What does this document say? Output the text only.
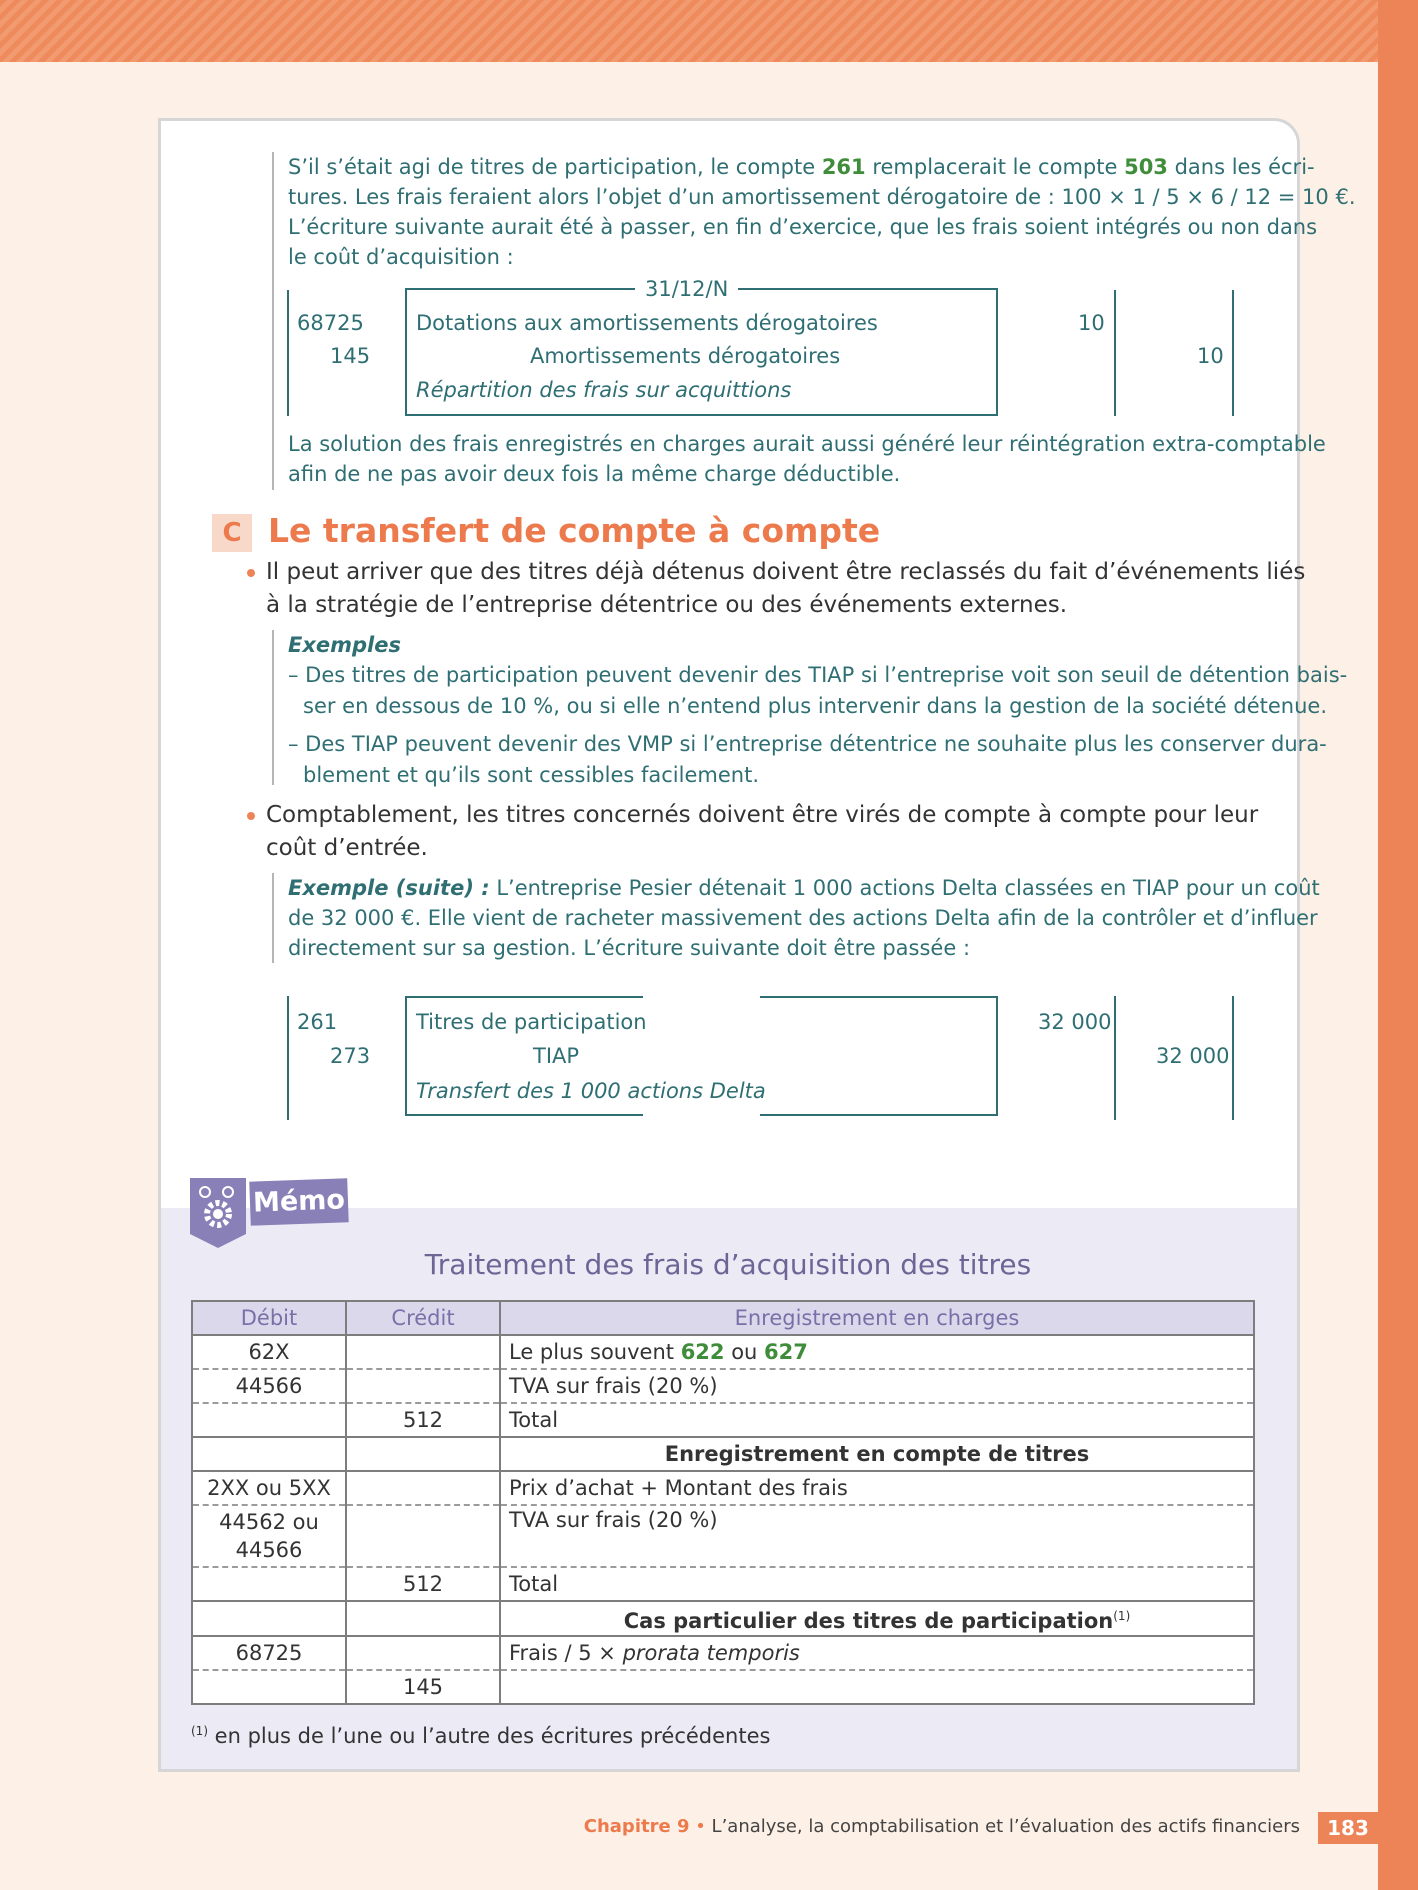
S’il s’était agi de titres de participation, le compte 261 remplacerait le compte 503 dans les écri-

tures. Les frais feraient alors l’objet d’un amortissement dérogatoire de : 100 × 1 / 5 × 6 / 12 = 10 €.

L’écriture suivante aurait été à passer, en fin d’exercice, que les frais soient intégrés ou non dans

le coût d’acquisition :

31/12/N
68725 Dotations aux amortissements dérogatoires	10
145	Amortissements dérogatoires	10
Répartition des frais sur acquittions

La solution des frais enregistrés en charges aurait aussi généré leur réintégration extra-comptable

afin de ne pas avoir deux fois la même charge déductible.

C Le transfert de compte à compte

Il peut arriver que des titres déjà détenus doivent être reclassés du fait d’événements liés

à la stratégie de l’entreprise détentrice ou des événements externes.

Exemples

– Des titres de participation peuvent devenir des TIAP si l’entreprise voit son seuil de détention bais-

ser en dessous de 10 %, ou si elle n’entend plus intervenir dans la gestion de la société détenue.

– Des TIAP peuvent devenir des VMP si l’entreprise détentrice ne souhaite plus les conserver dura-

blement et qu’ils sont cessibles facilement.

Comptablement, les titres concernés doivent être virés de compte à compte pour leur

coût d’entrée.

Exemple (suite) : L’entreprise Pesier détenait 1 000 actions Delta classées en TIAP pour un coût

de 32 000 €. Elle vient de racheter massivement des actions Delta afin de la contrôler et d’influer

directement sur sa gestion. L’écriture suivante doit être passée :

261	Titres de participation	32 000
273	TIAP	32 000
Transfert des 1 000 actions Delta
Mémo
Traitement des frais d’acquisition des titres
Débit	Crédit	Enregistrement en charges
62X		Le plus souvent 622 ou 627
44566		TVA sur frais (20 %)
	512	Total
		Enregistrement en compte de titres
2XX ou 5XX		Prix d’achat + Montant des frais
44562 ou
44566		TVA sur frais (20 %)
	512	Total
		Cas particulier des titres de participation$^{(1)}$
68725		Frais / 5 × prorata temporis
	145	
$^{(1)}$ en plus de l’une ou l’autre des écritures précédentes
Chapitre 9 • L’analyse, la comptabilisation et l’évaluation des actifs financiers	183
